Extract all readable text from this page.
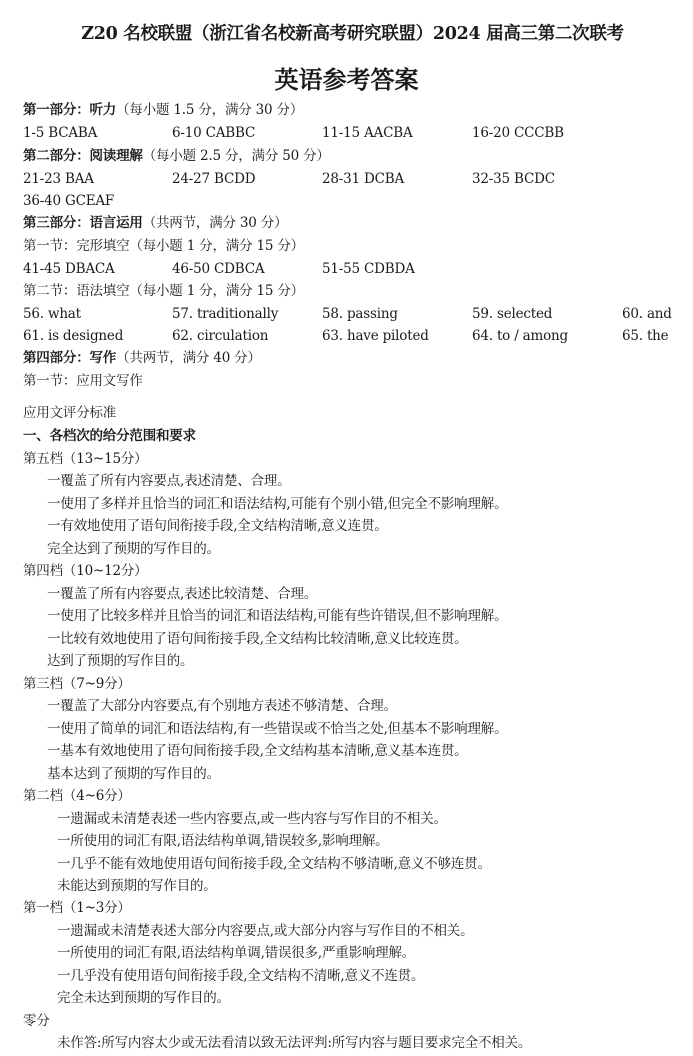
Z20 名校联盟（浙江省名校新高考研究联盟）2024 届高三第二次联考
英语参考答案
第一部分：听力（每小题 1.5 分，满分 30 分）
1-5 BCABA	6-10 CABBC	11-15 AACBA	16-20 CCCBB
第二部分：阅读理解（每小题 2.5 分，满分 50 分）
21-23 BAA	24-27 BCDD	28-31 DCBA	32-35 BCDC
36-40 GCEAF
第三部分：语言运用（共两节，满分 30 分）
第一节：完形填空（每小题 1 分，满分 15 分）
41-45 DBACA	46-50 CDBCA	51-55 CDBDA
第二节：语法填空（每小题 1 分，满分 15 分）
56. what	57. traditionally	58. passing	59. selected	60. and
61. is designed	62. circulation	63. have piloted	64. to / among	65. the
第四部分：写作（共两节，满分 40 分）
第一节：应用文写作
应用文评分标准
一、各档次的给分范围和要求
第五档（13~15分）
一覆盖了所有内容要点,表述清楚、合理。
一使用了多样并且恰当的词汇和语法结构,可能有个别小错,但完全不影响理解。
一有效地使用了语句间衔接手段,全文结构清晰,意义连贯。
完全达到了预期的写作目的。
第四档（10~12分）
一覆盖了所有内容要点,表述比较清楚、合理。
一使用了比较多样并且恰当的词汇和语法结构,可能有些许错误,但不影响理解。
一比较有效地使用了语句间衔接手段,全文结构比较清晰,意义比较连贯。
达到了预期的写作目的。
第三档（7~9分）
一覆盖了大部分内容要点,有个别地方表述不够清楚、合理。
一使用了简单的词汇和语法结构,有一些错误或不恰当之处,但基本不影响理解。
一基本有效地使用了语句间衔接手段,全文结构基本清晰,意义基本连贯。
基本达到了预期的写作目的。
第二档（4~6分）
一遗漏或未清楚表述一些内容要点,或一些内容与写作目的不相关。
一所使用的词汇有限,语法结构单调,错误较多,影响理解。
一几乎不能有效地使用语句间衔接手段,全文结构不够清晰,意义不够连贯。
未能达到预期的写作目的。
第一档（1~3分）
一遗漏或未清楚表述大部分内容要点,或大部分内容与写作目的不相关。
一所使用的词汇有限,语法结构单调,错误很多,严重影响理解。
一几乎没有使用语句间衔接手段,全文结构不清晰,意义不连贯。
完全未达到预期的写作目的。
零分
未作答:所写内容太少或无法看清以致无法评判:所写内容与题目要求完全不相关。
